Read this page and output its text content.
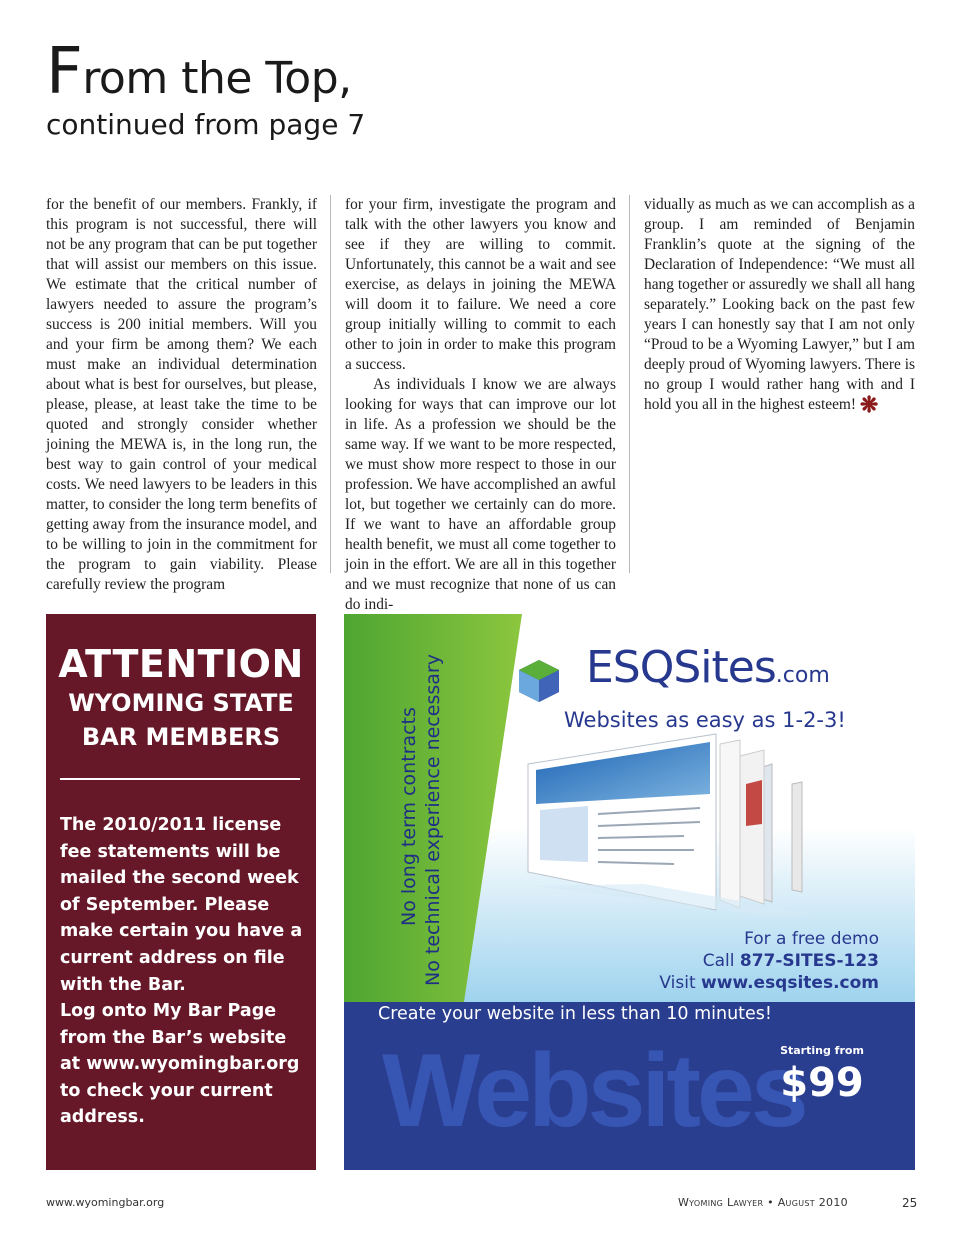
From the Top,
continued from page 7

for the benefit of our members. Frankly, if this program is not successful, there will not be any program that can be put together that will assist our members on this issue. We estimate that the critical number of lawyers needed to assure the program’s success is 200 initial members. Will you and your firm be among them? We each must make an individual determination about what is best for ourselves, but please, please, please, at least take the time to be quoted and strongly consider whether joining the MEWA is, in the long run, the best way to gain control of your medical costs. We need lawyers to be leaders in this matter, to consider the long term benefits of getting away from the insurance model, and to be willing to join in the commitment for the program to gain viability. Please carefully review the program

for your firm, investigate the program and talk with the other lawyers you know and see if they are willing to commit. Unfortunately, this cannot be a wait and see exercise, as delays in joining the MEWA will doom it to failure. We need a core group initially willing to commit to each other to join in order to make this program a success.

As individuals I know we are always looking for ways that can improve our lot in life. As a profession we should be the same way. If we want to be more respected, we must show more respect to those in our profession. We have accomplished an awful lot, but together we certainly can do more. If we want to have an affordable group health benefit, we must all come together to join in the effort. We are all in this together and we must recognize that none of us can do indi-

vidually as much as we can accomplish as a group. I am reminded of Benjamin Franklin’s quote at the signing of the Declaration of Independence: “We must all hang together or assuredly we shall all hang separately.” Looking back on the past few years I can honestly say that I am not only “Proud to be a Wyoming Lawyer,” but I am deeply proud of Wyoming lawyers. There is no group I would rather hang with and I hold you all in the highest esteem! ❋

ATTENTION
WYOMING STATE
BAR MEMBERS
The 2010/2011 license fee statements will be mailed the second week of September. Please make certain you have a current address on file with the Bar.
Log onto My Bar Page from the Bar’s website at www.wyomingbar.org to check your current address.	Websites
No long term contracts No technical experience necessary	ESQSites.com
Websites as easy as 1-2-3!
For a free demo
Call 877-SITES-123
Visit www.esqsites.com
Create your website in less than 10 minutes!
Starting from
$99
www.wyomingbar.org	Wyoming Lawyer • August 2010	25
